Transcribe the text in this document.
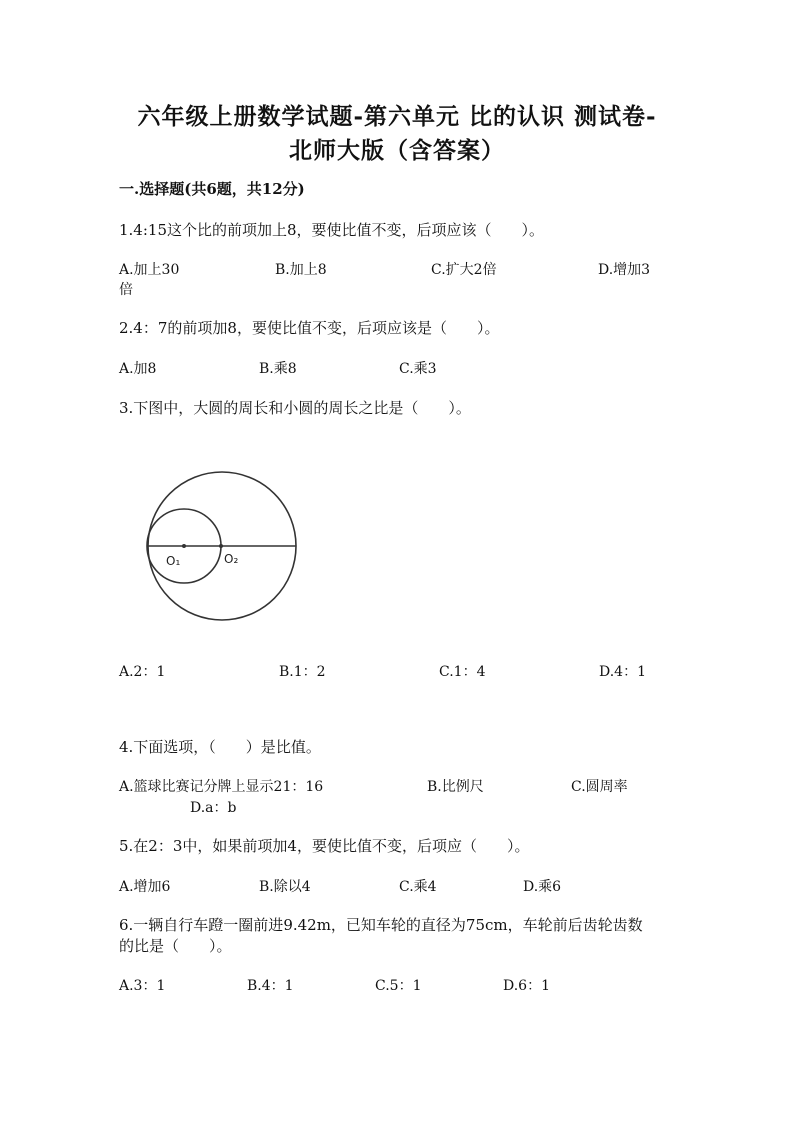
六年级上册数学试题-第六单元 比的认识 测试卷-
北师大版（含答案）
一.选择题(共6题，共12分)
1.4:15这个比的前项加上8，要使比值不变，后项应该（　　）。
A.加上30	B.加上8	C.扩大2倍	D.增加3
倍
2.4：7的前项加8，要使比值不变，后项应该是（　　）。
A.加8	B.乘8	C.乘3
3.下图中，大圆的周长和小圆的周长之比是（　　）。
O₁	O₂
A.2：1	B.1：2	C.1：4	D.4：1
4.下面选项，（　　）是比值。
A.篮球比赛记分牌上显示21：16	B.比例尺	C.圆周率
D.a：b
5.在2：3中，如果前项加4，要使比值不变，后项应（　　）。
A.增加6	B.除以4	C.乘4	D.乘6
6.一辆自行车蹬一圈前进9.42m，已知车轮的直径为75cm，车轮前后齿轮齿数
的比是（　　）。
A.3：1	B.4：1	C.5：1	D.6：1
